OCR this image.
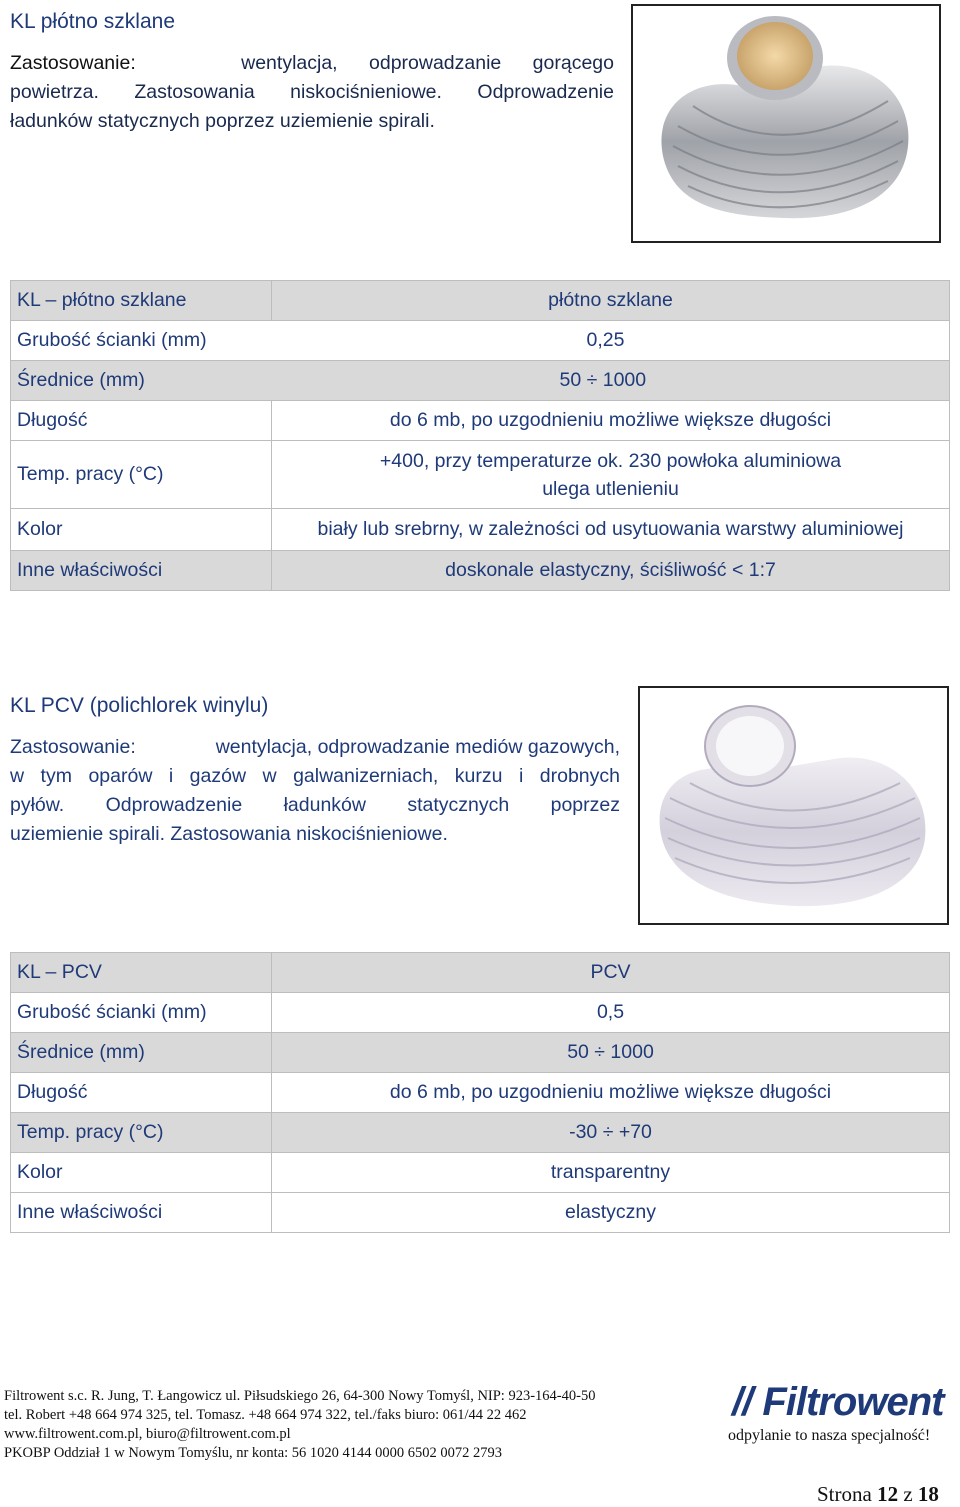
KL płótno szklane
Zastosowanie:	wentylacja, odprowadzanie gorącego
powietrza. Zastosowania niskociśnieniowe. Odprowadzenie
ładunków statycznych poprzez uziemienie spirali.
KL – płótno szklane	płótno szklane
Grubość ścianki (mm)	0,25
Średnice (mm)	50 ÷ 1000
Długość	do 6 mb, po uzgodnieniu możliwe większe długości
Temp. pracy (°C)	+400, przy temperaturze ok. 230 powłoka aluminiowa
ulega utlenieniu

Kolor	biały lub srebrny, w zależności od usytuowania warstwy aluminiowej
Inne właściwości	doskonale elastyczny, ściśliwość < 1:7
KL PCV (polichlorek winylu)
Zastosowanie:	wentylacja, odprowadzanie mediów gazowych,
w tym oparów i gazów w galwanizerniach, kurzu i drobnych
pyłów. Odprowadzenie ładunków statycznych poprzez
uziemienie spirali. Zastosowania niskociśnieniowe.
KL – PCV	PCV
Grubość ścianki (mm)	0,5
Średnice (mm)	50 ÷ 1000
Długość	do 6 mb, po uzgodnieniu możliwe większe długości
Temp. pracy (°C)	-30 ÷ +70
Kolor	transparentny
Inne właściwości	elastyczny
Filtrowent s.c. R. Jung, T. Łangowicz ul. Piłsudskiego 26, 64-300 Nowy Tomyśl, NIP: 923-164-40-50
tel. Robert +48 664 974 325, tel. Tomasz. +48 664 974 322, tel./faks biuro: 061/44 22 462
www.filtrowent.com.pl, biuro@filtrowent.com.pl
PKOBP Oddział 1 w Nowym Tomyślu, nr konta: 56 1020 4144 0000 6502 0072 2793
// Filtrowent
odpylanie to nasza specjalność!
Strona 12 z 18
